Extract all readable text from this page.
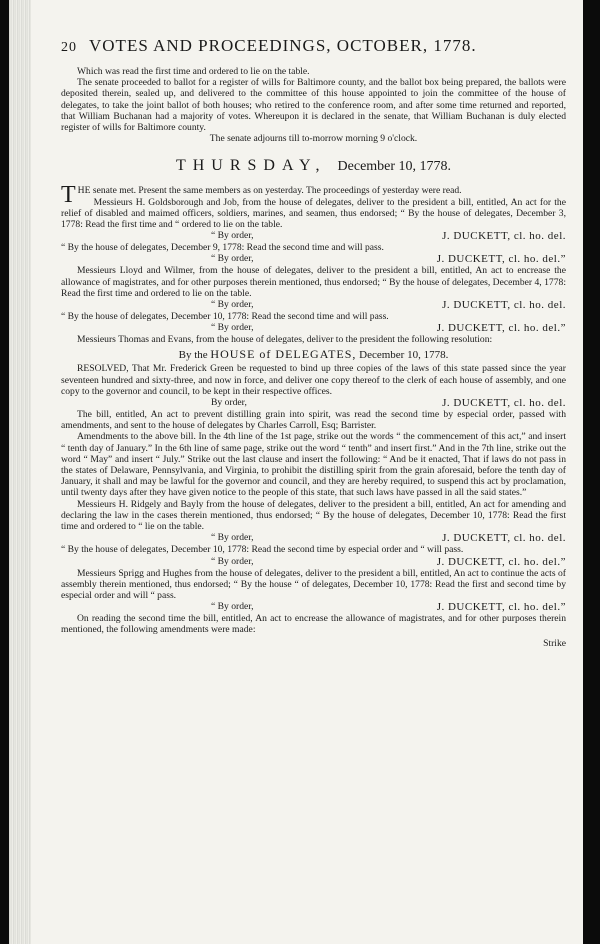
20 VOTES AND PROCEEDINGS, OCTOBER, 1778.

Which was read the first time and ordered to lie on the table.

The senate proceeded to ballot for a register of wills for Baltimore county, and the ballot box being prepared, the ballots were deposited therein, sealed up, and delivered to the committee of this house appointed to join the committee of the house of delegates, to take the joint ballot of both houses; who retired to the conference room, and after some time returned and reported, that William Buchanan had a majority of votes. Whereupon it is declared in the senate, that William Buchanan is duly elected register of wills for Baltimore county.

The senate adjourns till to-morrow morning 9 o'clock.

THURSDAY, December 10, 1778.

THE senate met. Present the same members as on yesterday. The proceedings of yesterday were read.

Messieurs H. Goldsborough and Job, from the house of delegates, deliver to the president a bill, entitled, An act for the relief of disabled and maimed officers, soldiers, marines, and seamen, thus endorsed; “ By the house of delegates, December 3, 1778: Read the first time and “ ordered to lie on the table.

“ By order,	J. DUCKETT, cl. ho. del.

“ By the house of delegates, December 9, 1778: Read the second time and will pass.

“ By order,	J. DUCKETT, cl. ho. del.”

Messieurs Lloyd and Wilmer, from the house of delegates, deliver to the president a bill, entitled, An act to encrease the allowance of magistrates, and for other purposes therein mentioned, thus endorsed; “ By the house of delegates, December 4, 1778: Read the first time and ordered to lie on the table.

“ By order,	J. DUCKETT, cl. ho. del.

“ By the house of delegates, December 10, 1778: Read the second time and will pass.

“ By order,	J. DUCKETT, cl. ho. del.”

Messieurs Thomas and Evans, from the house of delegates, deliver to the president the following resolution:

By the HOUSE of DELEGATES, December 10, 1778.

RESOLVED, That Mr. Frederick Green be requested to bind up three copies of the laws of this state passed since the year seventeen hundred and sixty-three, and now in force, and deliver one copy thereof to the clerk of each house of assembly, and one copy to the governor and council, to be kept in their respective offices.

By order,	J. DUCKETT, cl. ho. del.

The bill, entitled, An act to prevent distilling grain into spirit, was read the second time by especial order, passed with amendments, and sent to the house of delegates by Charles Carroll, Esq; Barrister.

Amendments to the above bill. In the 4th line of the 1st page, strike out the words “ the commencement of this act,” and insert “ tenth day of January.” In the 6th line of same page, strike out the word “ tenth” and insert first.” And in the 7th line, strike out the word “ May” and insert “ July.” Strike out the last clause and insert the following: “ And be it enacted, That if laws do not pass in the states of Delaware, Pennsylvania, and Virginia, to prohibit the distilling spirit from the grain aforesaid, before the tenth day of January, it shall and may be lawful for the governor and council, and they are hereby required, to suspend this act by proclamation, until twenty days after they have given notice to the people of this state, that such laws have passed in all the said states.”

Messieurs H. Ridgely and Bayly from the house of delegates, deliver to the president a bill, entitled, An act for amending and declaring the law in the cases therein mentioned, thus endorsed; “ By the house of delegates, December 10, 1778: Read the first time and ordered to “ lie on the table.

“ By order,	J. DUCKETT, cl. ho. del.

“ By the house of delegates, December 10, 1778: Read the second time by especial order and “ will pass.

“ By order,	J. DUCKETT, cl. ho. del.”

Messieurs Sprigg and Hughes from the house of delegates, deliver to the president a bill, entitled, An act to continue the acts of assembly therein mentioned, thus endorsed; “ By the house “ of delegates, December 10, 1778: Read the first and second time by especial order and will “ pass.

“ By order,	J. DUCKETT, cl. ho. del.”

On reading the second time the bill, entitled, An act to encrease the allowance of magistrates, and for other purposes therein mentioned, the following amendments were made:

Strike
